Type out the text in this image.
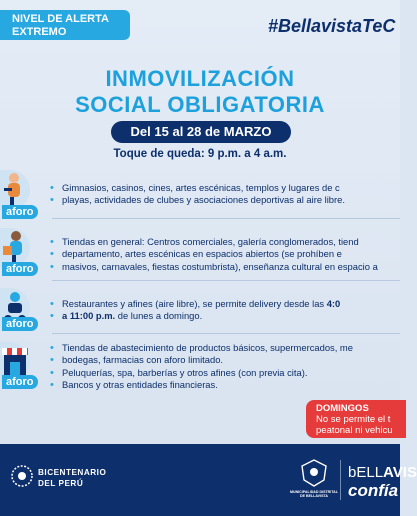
NIVEL DE ALERTA
EXTREMO	#BellavistaTeC
INMOVILIZACIÓN
SOCIAL OBLIGATORIA
Del 15 al 28 de MARZO
Toque de queda: 9 p.m. a 4 a.m.
aforo
• Gimnasios, casinos, cines, artes escénicas, templos y lugares de c
• playas, actividades de clubes y asociaciones deportivas al aire libre.
aforo
• Tiendas en general: Centros comerciales, galería conglomerados, tiend
• departamento, artes escénicas en espacios abiertos (se prohíben e
• masivos, carnavales, fiestas costumbrista), enseñanza cultural en espacio a
aforo
• Restaurantes y afines (aire libre), se permite delivery desde las 4:0
• a 11:00 p.m. de lunes a domingo.
aforo
• Tiendas de abastecimiento de productos básicos, supermercados, me
• bodegas, farmacias con aforo limitado.
• Peluquerías, spa, barberías y otros afines (con previa cita).
• Bancos y otras entidades financieras.
DOMINGOS
No se permite el t
peatonal ni vehicu
BICENTENARIO
DEL PERÚ
MUNICIPALIDAD DISTRITAL
DE BELLAVISTA
bELLAVIS
confía
